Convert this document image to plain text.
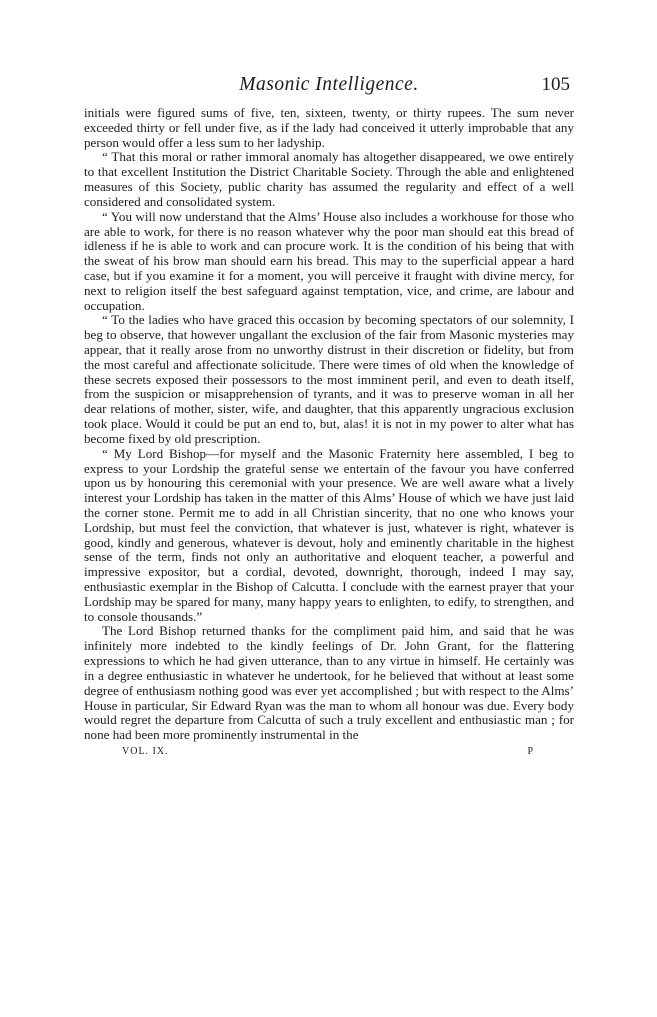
Masonic Intelligence.	105

initials were figured sums of five, ten, sixteen, twenty, or thirty rupees. The sum never exceeded thirty or fell under five, as if the lady had conceived it utterly improbable that any person would offer a less sum to her ladyship.

“ That this moral or rather immoral anomaly has altogether disappeared, we owe entirely to that excellent Institution the District Charitable Society. Through the able and enlightened measures of this Society, public charity has assumed the regularity and effect of a well considered and consolidated system.

“ You will now understand that the Alms’ House also includes a workhouse for those who are able to work, for there is no reason whatever why the poor man should eat this bread of idleness if he is able to work and can procure work. It is the condition of his being that with the sweat of his brow man should earn his bread. This may to the superficial appear a hard case, but if you examine it for a moment, you will perceive it fraught with divine mercy, for next to religion itself the best safeguard against temptation, vice, and crime, are labour and occupation.

“ To the ladies who have graced this occasion by becoming spectators of our solemnity, I beg to observe, that however ungallant the exclusion of the fair from Masonic mysteries may appear, that it really arose from no unworthy distrust in their discretion or fidelity, but from the most careful and affectionate solicitude. There were times of old when the knowledge of these secrets exposed their possessors to the most imminent peril, and even to death itself, from the suspicion or misapprehension of tyrants, and it was to preserve woman in all her dear relations of mother, sister, wife, and daughter, that this apparently ungracious exclusion took place. Would it could be put an end to, but, alas! it is not in my power to alter what has become fixed by old prescription.

“ My Lord Bishop—for myself and the Masonic Fraternity here assembled, I beg to express to your Lordship the grateful sense we entertain of the favour you have conferred upon us by honouring this ceremonial with your presence. We are well aware what a lively interest your Lordship has taken in the matter of this Alms’ House of which we have just laid the corner stone. Permit me to add in all Christian sincerity, that no one who knows your Lordship, but must feel the conviction, that whatever is just, whatever is right, whatever is good, kindly and generous, whatever is devout, holy and eminently charitable in the highest sense of the term, finds not only an authoritative and eloquent teacher, a powerful and impressive expositor, but a cordial, devoted, downright, thorough, indeed I may say, enthusiastic exemplar in the Bishop of Calcutta. I conclude with the earnest prayer that your Lordship may be spared for many, many happy years to enlighten, to edify, to strengthen, and to console thousands.”

The Lord Bishop returned thanks for the compliment paid him, and said that he was infinitely more indebted to the kindly feelings of Dr. John Grant, for the flattering expressions to which he had given utterance, than to any virtue in himself. He certainly was in a degree enthusiastic in whatever he undertook, for he believed that without at least some degree of enthusiasm nothing good was ever yet accomplished ; but with respect to the Alms’ House in particular, Sir Edward Ryan was the man to whom all honour was due. Every body would regret the departure from Calcutta of such a truly excellent and enthusiastic man ; for none had been more prominently instrumental in the

VOL. IX.	P
